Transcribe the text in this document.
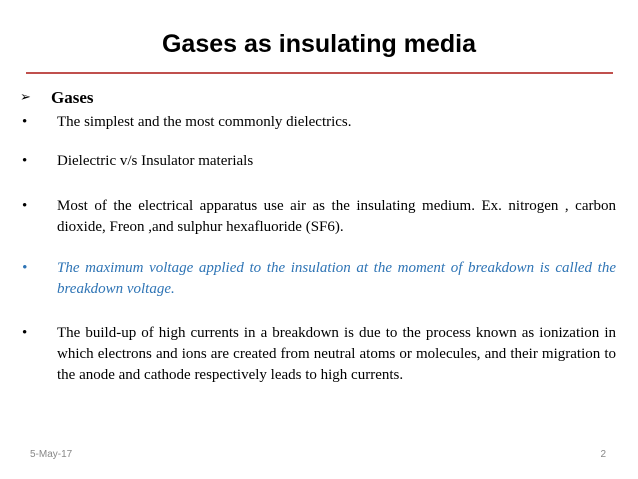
Gases as insulating media
➢	Gases
• The simplest and the most commonly dielectrics.
• Dielectric v/s Insulator materials
• Most of the electrical apparatus use air as the insulating medium. Ex. nitrogen , carbon dioxide, Freon ,and sulphur hexafluoride (SF6).
• The maximum voltage applied to the insulation at the moment of breakdown is called the breakdown voltage.
• The build-up of high currents in a breakdown is due to the process known as ionization in which electrons and ions are created from neutral atoms or molecules, and their migration to the anode and cathode respectively leads to high currents.
5-May-17	2
